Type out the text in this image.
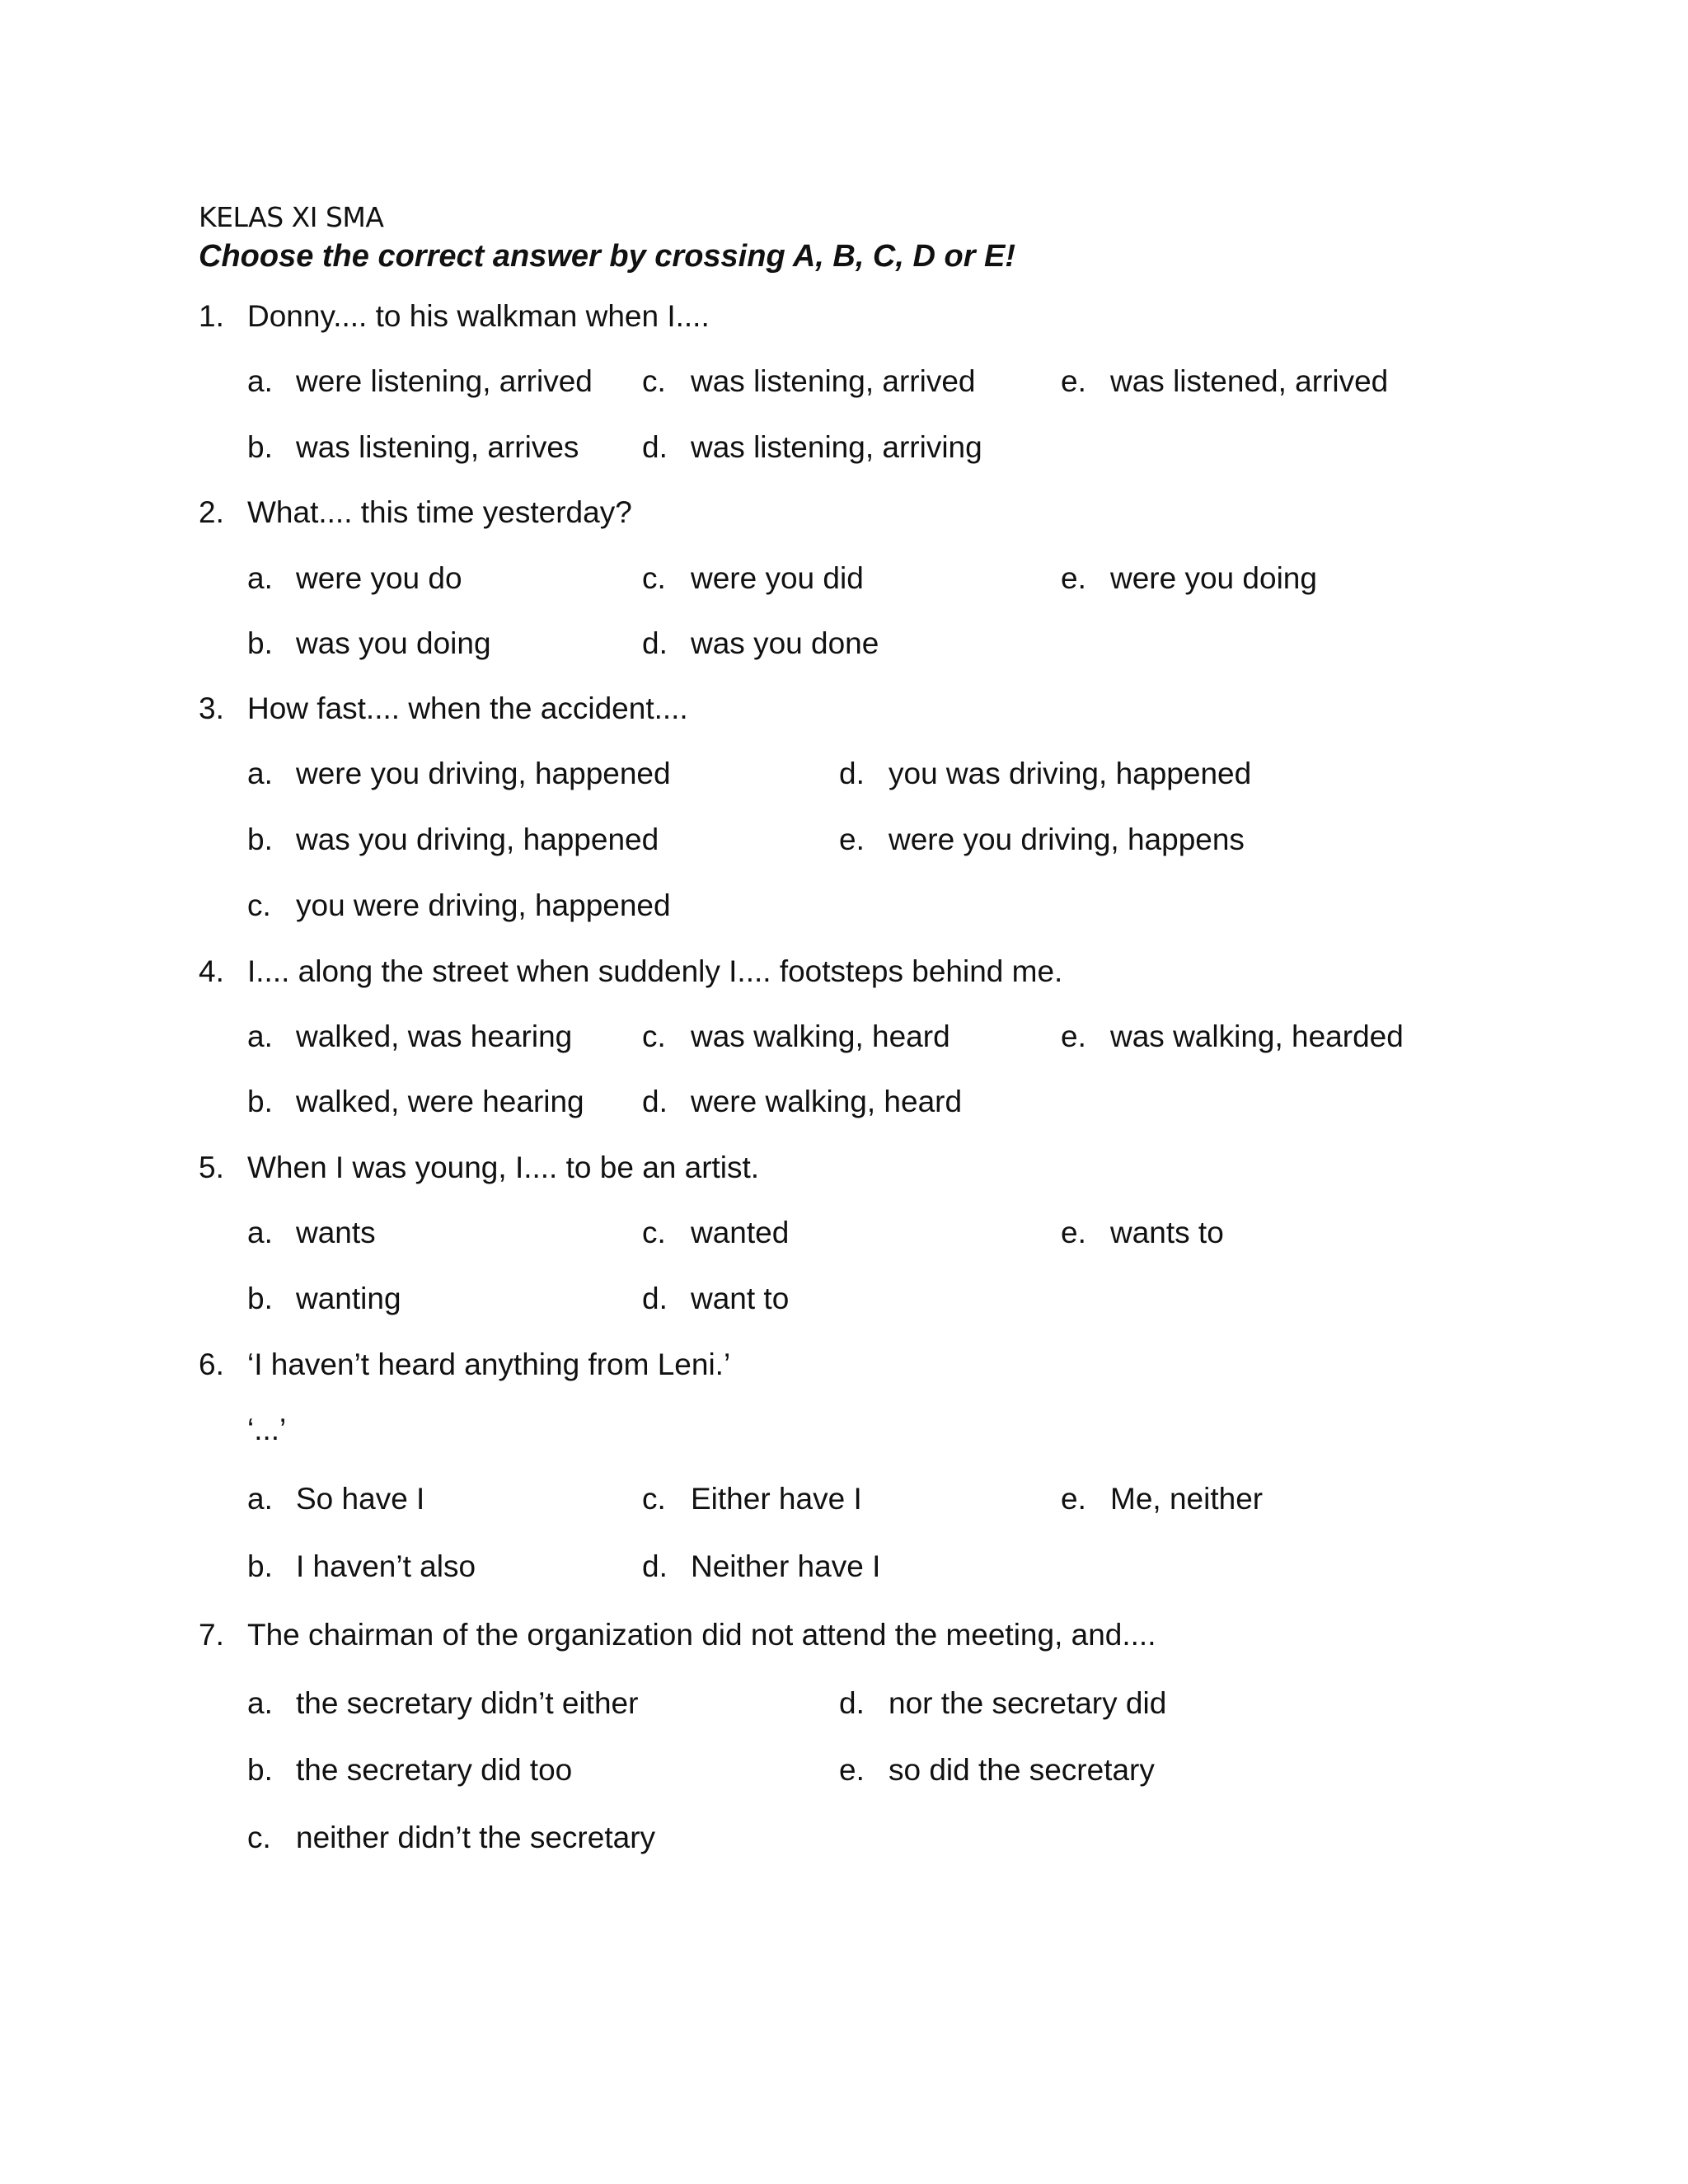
KELAS XI SMA
Choose the correct answer by crossing A, B, C, D or E!
1. Donny.... to his walkman when I....
a. were listening, arrived
b. was listening, arrives
c. was listening, arrived
d. was listening, arriving
e. was listened, arrived
2. What.... this time yesterday?
a. were you do
b. was you doing
c. were you did
d. was you done
e. were you doing
3. How fast.... when the accident....
a. were you driving, happened
b. was you driving, happened
c. you were driving, happened
d. you was driving, happened
e. were you driving, happens
4. I.... along the street when suddenly I.... footsteps behind me.
a. walked, was hearing
b. walked, were hearing
c. was walking, heard
d. were walking, heard
e. was walking, hearded
5. When I was young, I.... to be an artist.
a. wants
b. wanting
c. wanted
d. want to
e. wants to
6. ‘I haven’t heard anything from Leni.’
‘...’
a. So have I
b. I haven’t also
c. Either have I
d. Neither have I
e. Me, neither
7. The chairman of the organization did not attend the meeting, and....
a. the secretary didn’t either
b. the secretary did too
c. neither didn’t the secretary
d. nor the secretary did
e. so did the secretary
